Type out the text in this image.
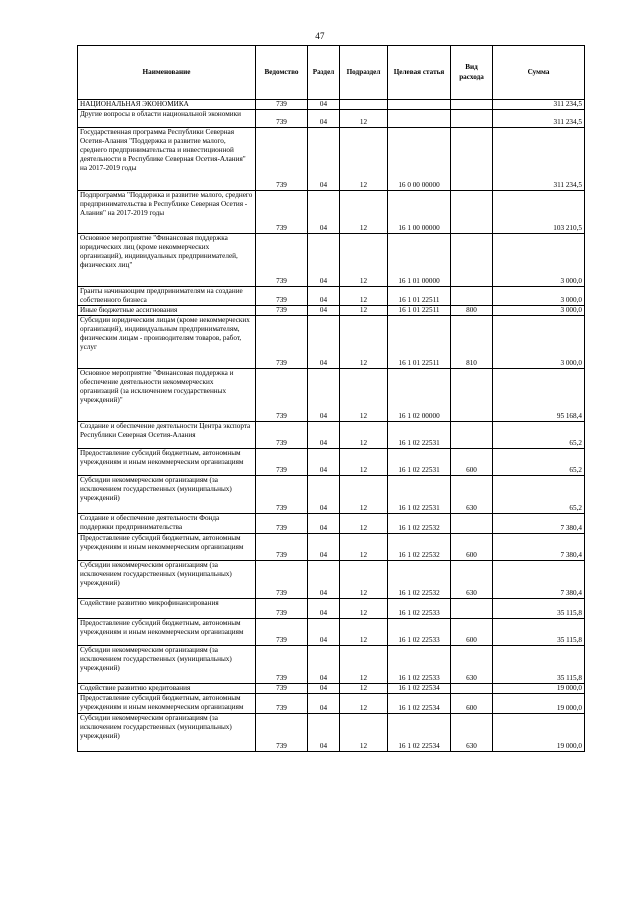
47
Наименование	Ведомство	Раздел	Подраздел	Целевая статья	Вид расхода	Сумма
НАЦИОНАЛЬНАЯ ЭКОНОМИКА	739	04				311 234,5
Другие вопросы в области национальной экономики	739	04	12			311 234,5
Государственная программа Республики Северная Осетия-Алания "Поддержка и развитие малого, среднего предпринимательства и инвестиционной деятельности в Республике Северная Осетия-Алания" на 2017-2019 годы	739	04	12	16 0 00 00000		311 234,5
Подпрограмма "Поддержка и развитие малого, среднего предпринимательства в Республике Северная Осетия - Алания" на 2017-2019 годы	739	04	12	16 1 00 00000		103 210,5
Основное мероприятие "Финансовая поддержка юридических лиц (кроме некоммерческих организаций), индивидуальных предпринимателей, физических лиц"	739	04	12	16 1 01 00000		3 000,0
Гранты начинающим предпринимателям на создание собственного бизнеса	739	04	12	16 1 01 22511		3 000,0
Иные бюджетные ассигнования	739	04	12	16 1 01 22511	800	3 000,0
Субсидии юридическим лицам (кроме некоммерческих организаций), индивидуальным предпринимателям, физическим лицам - производителям товаров, работ, услуг	739	04	12	16 1 01 22511	810	3 000,0
Основное мероприятие "Финансовая поддержка и обеспечение деятельности некоммерческих организаций (за исключением государственных учреждений)"	739	04	12	16 1 02 00000		95 168,4
Создание и обеспечение деятельности Центра экспорта Республики Северная Осетия-Алания	739	04	12	16 1 02 22531		65,2
Предоставление субсидий бюджетным, автономным учреждениям и иным некоммерческим организациям	739	04	12	16 1 02 22531	600	65,2
Субсидии некоммерческим организациям (за исключением государственных (муниципальных) учреждений)	739	04	12	16 1 02 22531	630	65,2
Создание и обеспечение деятельности Фонда поддержки предпринимательства	739	04	12	16 1 02 22532		7 380,4
Предоставление субсидий бюджетным, автономным учреждениям и иным некоммерческим организациям	739	04	12	16 1 02 22532	600	7 380,4
Субсидии некоммерческим организациям (за исключением государственных (муниципальных) учреждений)	739	04	12	16 1 02 22532	630	7 380,4
Содействие развитию микрофинансирования	739	04	12	16 1 02 22533		35 115,8
Предоставление субсидий бюджетным, автономным учреждениям и иным некоммерческим организациям	739	04	12	16 1 02 22533	600	35 115,8
Субсидии некоммерческим организациям (за исключением государственных (муниципальных) учреждений)	739	04	12	16 1 02 22533	630	35 115,8
Содействие развитию кредитования	739	04	12	16 1 02 22534		19 000,0
Предоставление субсидий бюджетным, автономным учреждениям и иным некоммерческим организациям	739	04	12	16 1 02 22534	600	19 000,0
Субсидии некоммерческим организациям (за исключением государственных (муниципальных) учреждений)	739	04	12	16 1 02 22534	630	19 000,0
